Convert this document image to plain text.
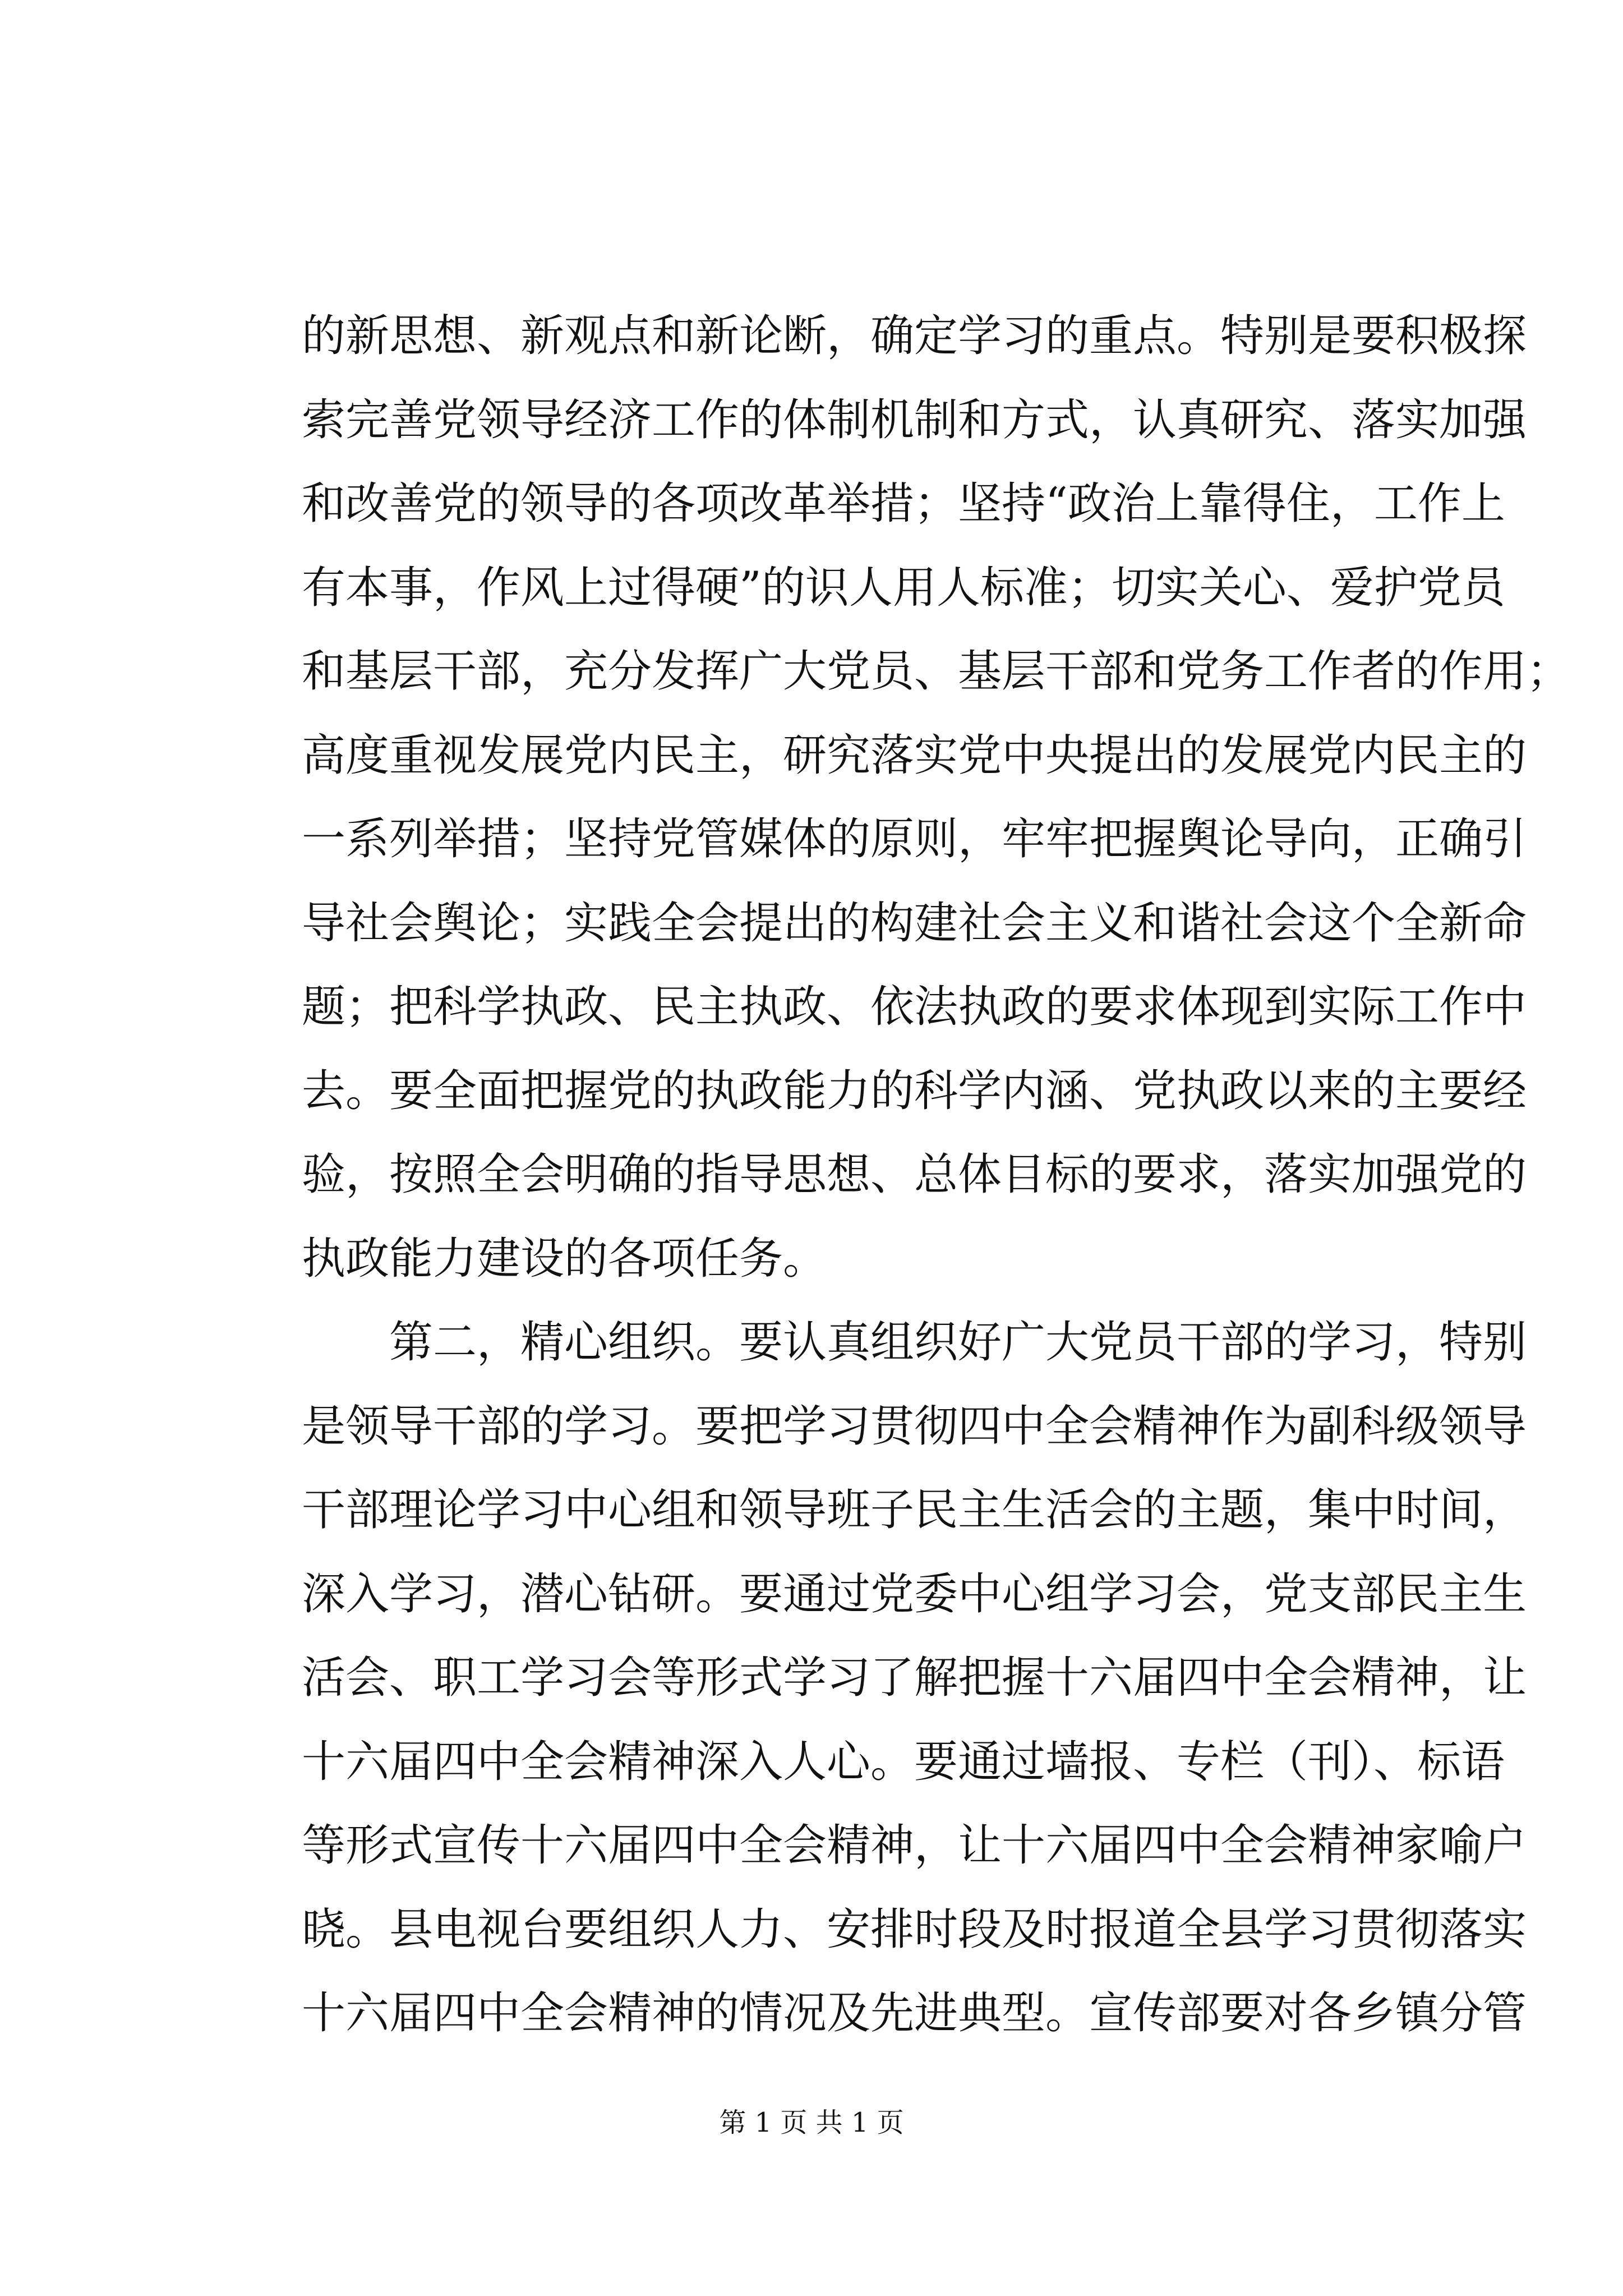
的新思想、新观点和新论断，确定学习的重点。特别是要积极探
索完善党领导经济工作的体制机制和方式，认真研究、落实加强
和改善党的领导的各项改革举措；坚持“政治上靠得住，工作上
有本事，作风上过得硬”的识人用人标准；切实关心、爱护党员
和基层干部，充分发挥广大党员、基层干部和党务工作者的作用；
高度重视发展党内民主，研究落实党中央提出的发展党内民主的
一系列举措；坚持党管媒体的原则，牢牢把握舆论导向，正确引
导社会舆论；实践全会提出的构建社会主义和谐社会这个全新命
题；把科学执政、民主执政、依法执政的要求体现到实际工作中
去。要全面把握党的执政能力的科学内涵、党执政以来的主要经
验，按照全会明确的指导思想、总体目标的要求，落实加强党的
执政能力建设的各项任务。
第二，精心组织。要认真组织好广大党员干部的学习，特别
是领导干部的学习。要把学习贯彻四中全会精神作为副科级领导
干部理论学习中心组和领导班子民主生活会的主题，集中时间，
深入学习，潜心钻研。要通过党委中心组学习会，党支部民主生
活会、职工学习会等形式学习了解把握十六届四中全会精神，让
十六届四中全会精神深入人心。要通过墙报、专栏（刊）、标语
等形式宣传十六届四中全会精神，让十六届四中全会精神家喻户
晓。县电视台要组织人力、安排时段及时报道全县学习贯彻落实
十六届四中全会精神的情况及先进典型。宣传部要对各乡镇分管
第 1 页 共 1 页
